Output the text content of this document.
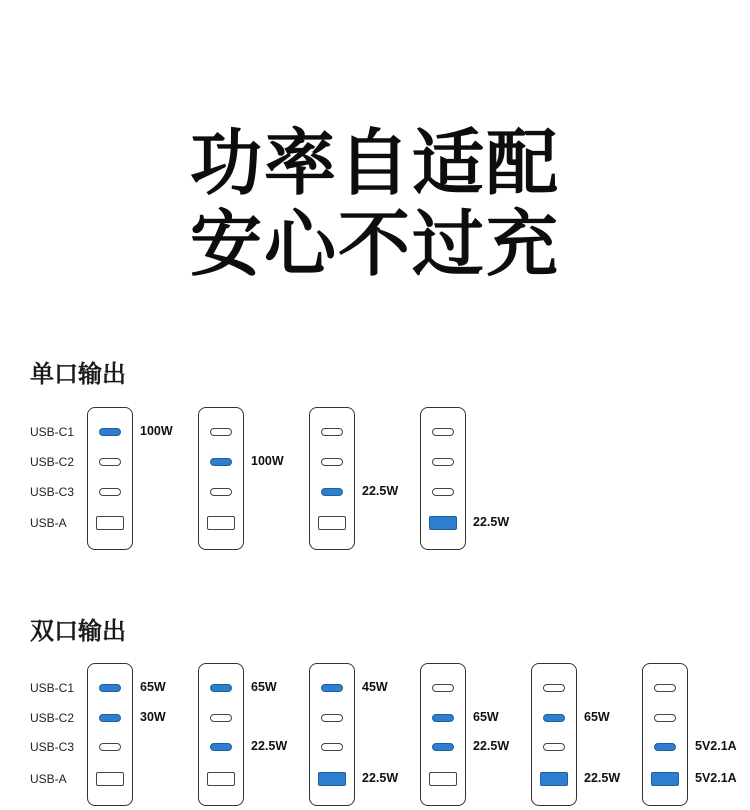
功率自适配
安心不过充
单口输出
USB-C1
USB-C2
USB-C3
USB-A
100W
100W
22.5W
22.5W
双口输出
USB-C1
USB-C2
USB-C3
USB-A
65W
30W
65W
22.5W
45W
22.5W
65W
22.5W
65W
22.5W
5V2.1A
5V2.1A
